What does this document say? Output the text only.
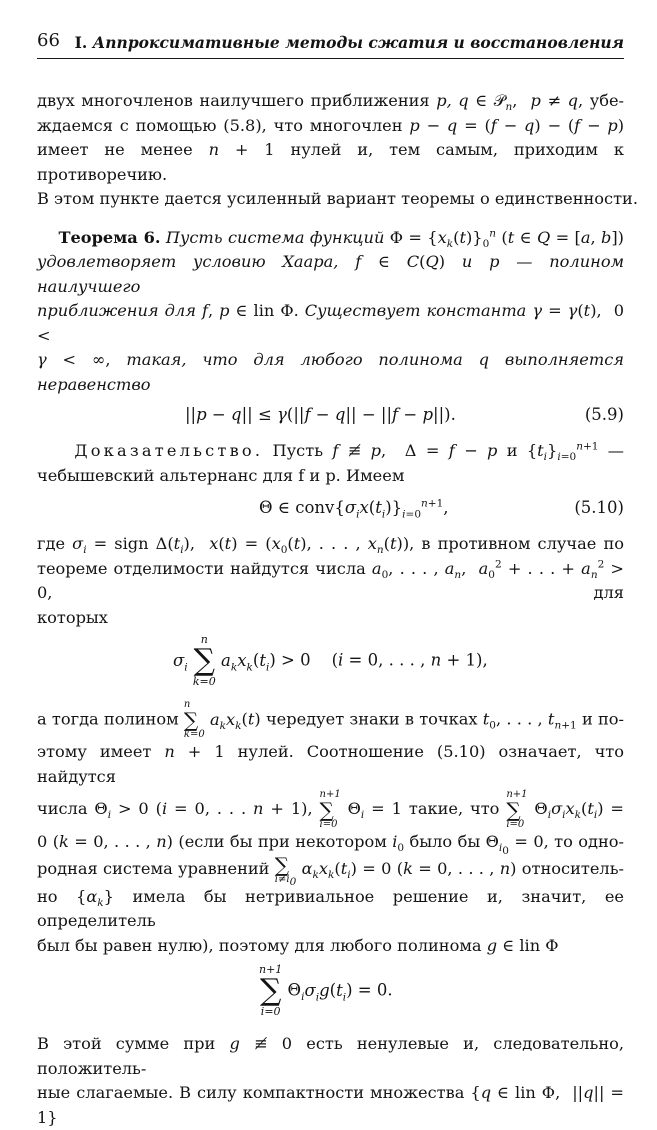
66 I. Аппроксимативные методы сжатия и восстановления
двух многочленов наилучшего приближения p, q ∈ 𝒫$_n$,  p ≠ q, убе-
ждаемся с помощью (5.8), что многочлен p − q = (f − q) − (f − p)
имеет не менее n + 1 нулей и, тем самым, приходим к противоречию.
В этом пункте дается усиленный вариант теоремы о единственности.
Теорема 6. Пусть система функций $\Phi = \{x_k(t)\}_0^n$ (t ∈ Q = [a, b])
удовлетворяет условию Хаара, f ∈ C(Q) и p — полином наилучшего
приближения для f, p ∈ lin Φ. Существует константа γ = γ(t),  0 <
γ < ∞, такая, что для любого полинома q выполняется неравенство
||p − q|| ≤ γ(||f − q|| − ||f − p||).	(5.9)
Доказательство. Пусть f ≢ p,  Δ = f − p и $\{t_i\}_{i=0}^{n+1}$ —
чебышевский альтернанс для f и p. Имеем
Θ ∈ $conv\{\sigma_ix(t_i)\}_{i=0}^{n+1}$,	(5.10)
где $\sigma_i$ = sign $\Delta(t_i)$,  $x(t) = (x_0(t)$, . . . , $x_n(t)$), в противном случае по
теореме отделимости найдутся числа $a_0$, . . . , $a_n$,  $a_0^2$ + . . . + $a_n^2 > 0$, для
которых
$\sigma_i$
n
∑
k=0
$a_kx_k(t_i) > 0$    (i = 0, . . . , n + 1),
а тогда полином
n
∑
k=0
$a_kx_k(t)$ чередует знаки в точках $t_0$, . . . , $t_{n+1}$ и по-
этому имеет n + 1 нулей. Соотношение (5.10) означает, что найдутся
числа $\Theta_i > 0$ (i = 0, . . . n + 1),
n+1
∑
i=0
$\Theta_i = 1$ такие, что
n+1
∑
i=0
$\Theta_i\sigma_ix_k(t_i)$ =
0 (k = 0, . . . , n) (если бы при некотором $i_0$ было бы $\Theta_{i_0} = 0$, то одно-
родная система уравнений ∑
$i\ne i_0$
$\alpha_kx_k(t_i) = 0$ (k = 0, . . . , n) относитель-
но $\{\alpha_k\}$ имела бы нетривиальное решение и, значит, ее определитель
был бы равен нулю), поэтому для любого полинома g ∈ lin Φ
n+1
∑
i=0
$\Theta_i\sigma_ig(t_i) = 0$.
В этой сумме при g ≢ 0 есть ненулевые и, следовательно, положитель-
ные слагаемые. В силу компактности множества {q ∈ lin Φ,  ||q|| = 1}
